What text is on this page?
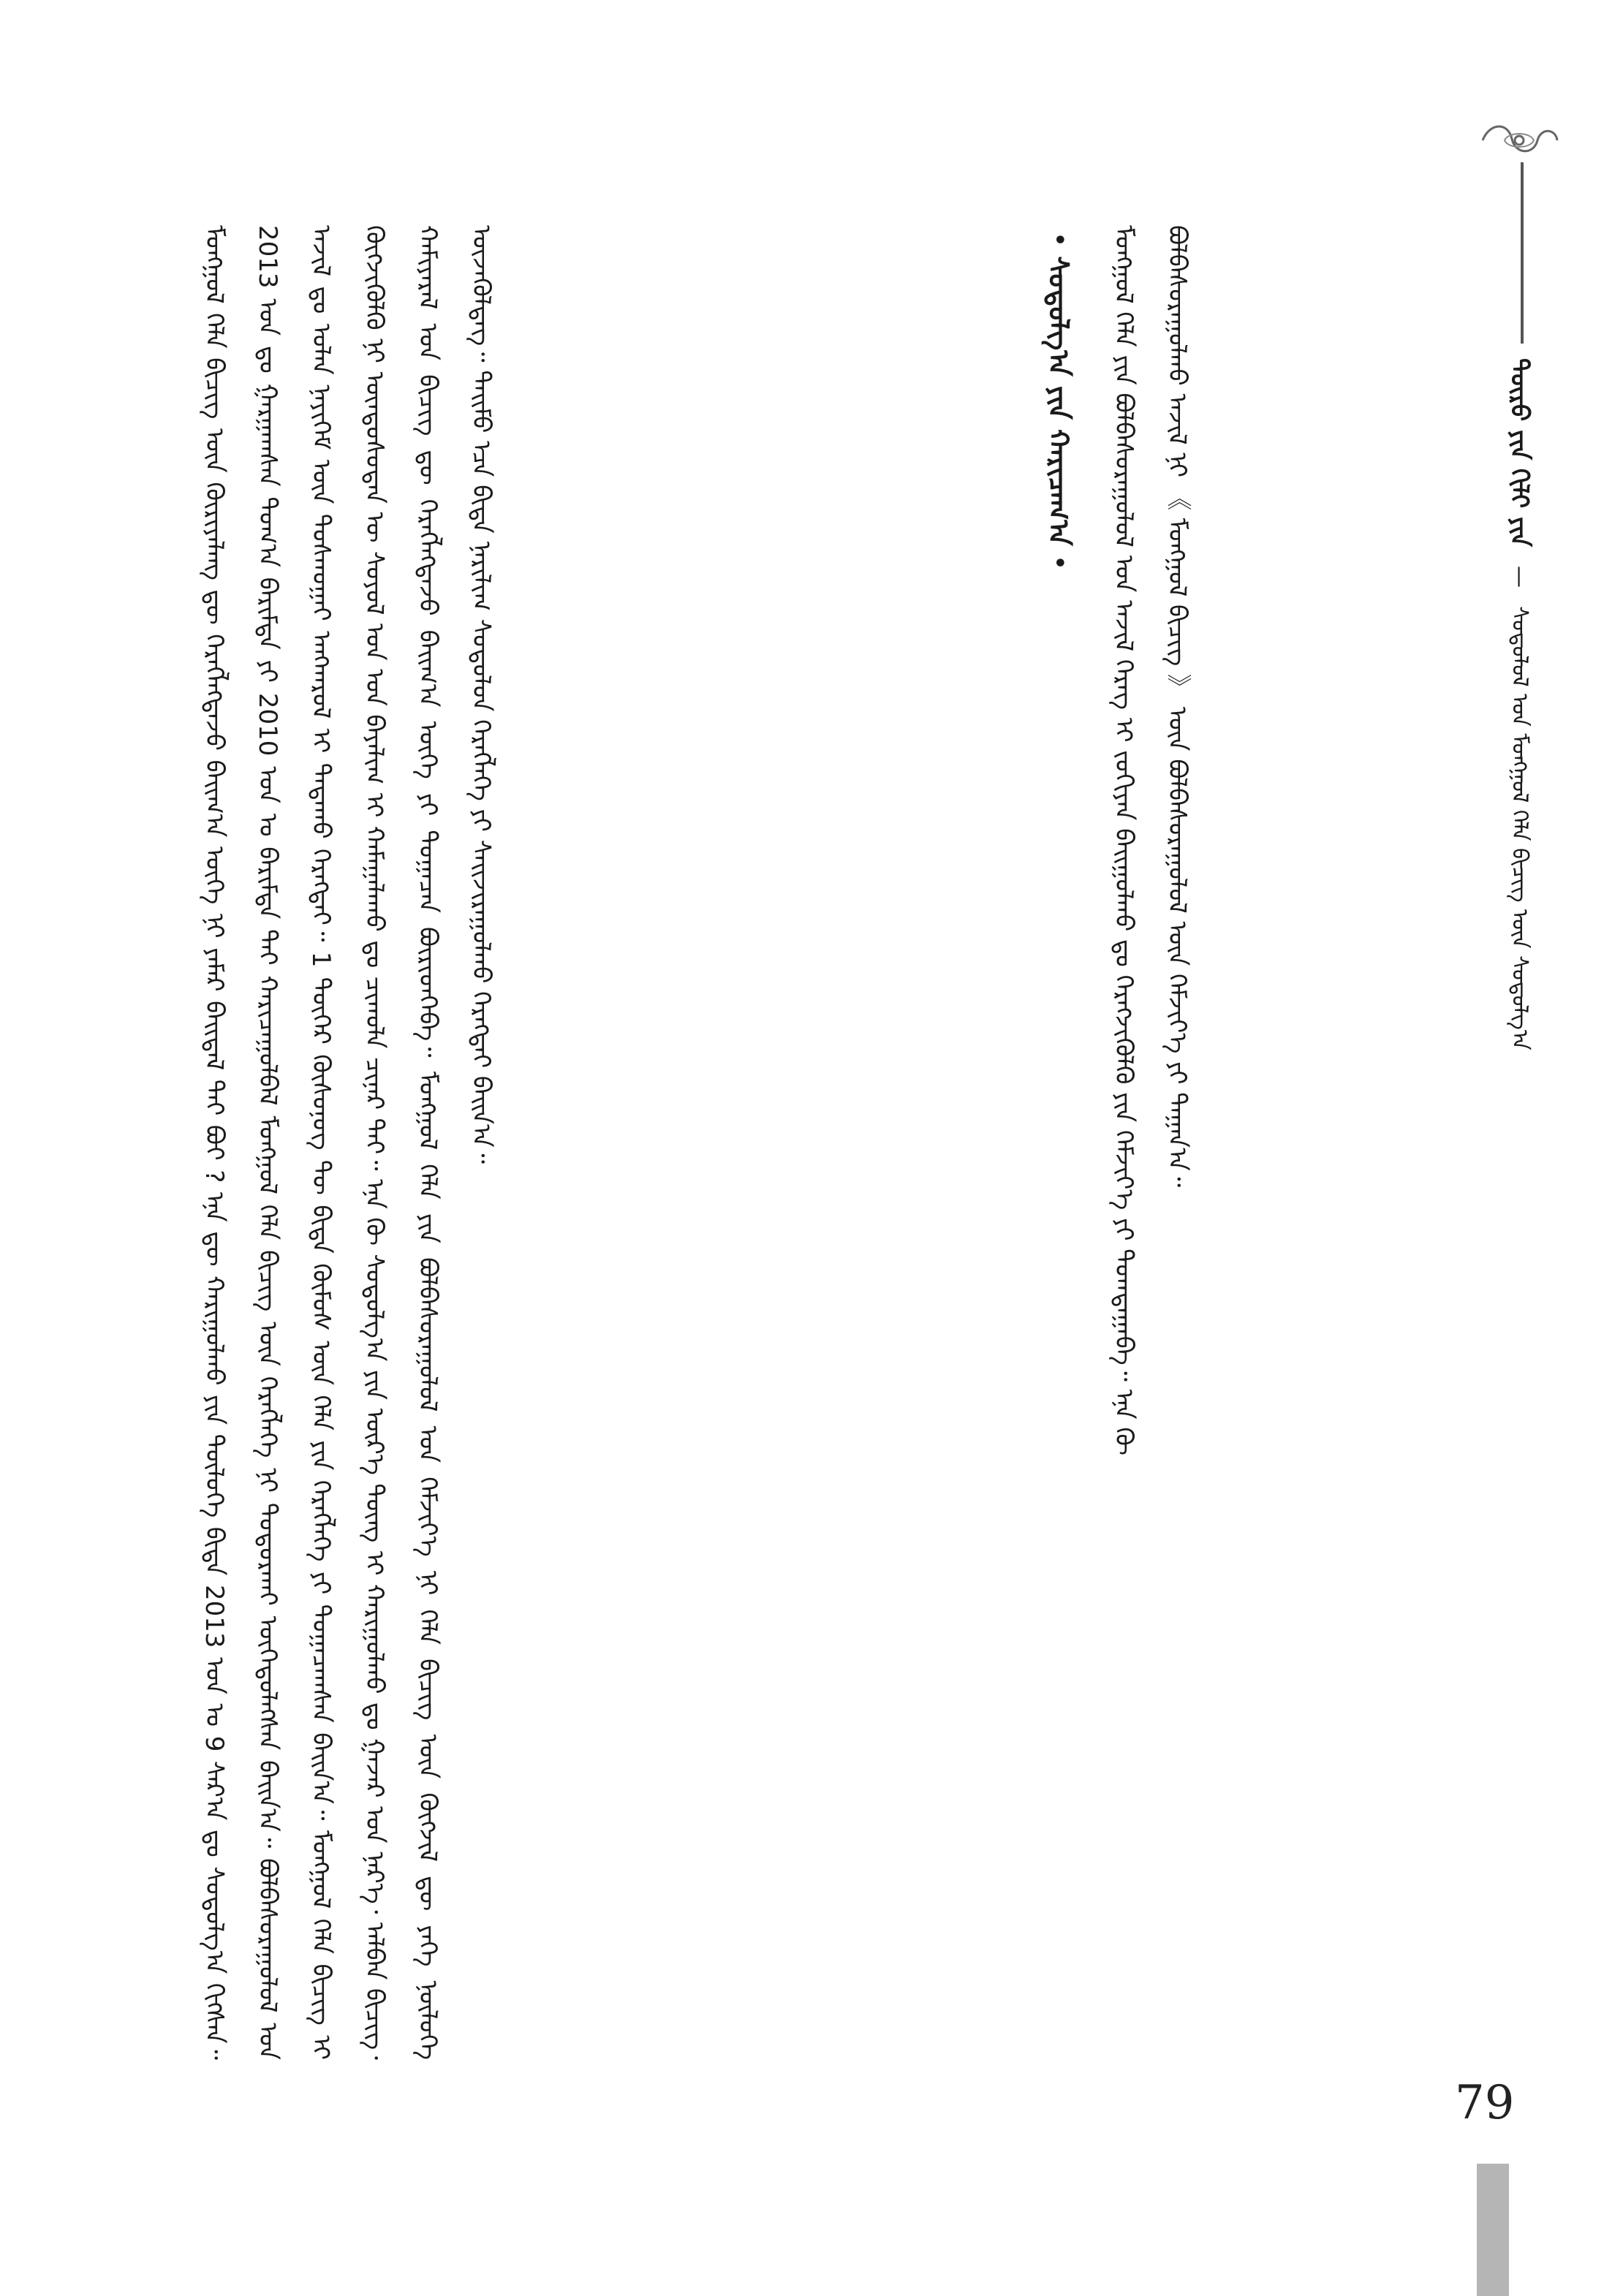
ᠲᠦᠷᠦ ᠶᠢᠨ ᠬᠢᠯᠢ ᠶᠢᠨ — ᠰᠤᠳᠤᠯᠤᠯ ᠤᠨ ᠮᠣᠩᠭᠣᠯ ᠬᠡᠯᠡ ᠪᠢᠴᠢᠭ᠌ ᠦᠨ ᠰᠤᠳᠤᠯᠭ᠎ᠠ
ᠮᠣᠩᠭᠣᠯ ᠬᠡᠯᠡ ᠶᠢᠨ ᠪᠣᠯᠪᠠᠰᠤᠷᠠᠭᠤᠯᠤᠯ ᠤᠨ ᠠᠵᠢᠯ ᠬᠡᠷᠡᠭ ᠢ ᠵᠣᠬᠢᠶᠠᠨ ᠪᠠᠢᠭᠤᠯᠬᠤ ᠳᠤ ᠬᠡᠷᠡᠭᠵᠢᠭᠦᠯᠬᠦ ᠶᠢᠨ ᠬᠡᠮᠵᠢᠶ᠎ᠡ ᠶᠢ ᠲᠣᠭᠲᠠᠭᠠᠪᠠ᠃ ᠡᠨᠡ ᠬᠦ ᠪᠣᠯᠪᠠᠰᠤᠷᠠᠭᠤᠯᠬᠤ ᠠᠵᠢᠯ ᠨᠢ 《 ᠮᠣᠩᠭᠣᠯ ᠪᠢᠴᠢᠭ᠌ 》 ᠦᠨ ᠪᠣᠯᠪᠠᠰᠤᠷᠠᠭᠤᠯᠤᠯ ᠦᠨ ᠬᠡᠮᠵᠢᠶ᠎ᠡ ᠶᠢ ᠳᠠᠭᠠᠨ᠎ᠠ᠃
• ᠰᠤᠳᠤᠯᠭ᠎ᠠ ᠶᠢᠨ ᠬᠠᠷᠢᠴᠠᠭ᠎ᠠ •

ᠮᠣᠩᠭᠣᠯ ᠬᠡᠯᠡ ᠪᠢᠴᠢᠭ᠌ ᠦᠨ ᠬᠦᠷᠢᠶᠡᠯᠡᠩ ᠳᠦ ᠬᠡᠷᠡᠭᠯᠡᠭᠳᠡᠵᠦ ᠪᠠᠢᠭ᠎ᠠ ᠦᠭᠡ ᠨᠢ ᠶᠠᠮᠠᠷ ᠪᠠᠢᠳᠠᠯ ᠲᠠᠢ ᠪᠣᠢ ? ᠡᠨᠡ ᠳᠦ ᠬᠠᠷᠢᠭᠤᠯᠬᠤ ᠶᠢᠨ ᠲᠥᠯᠦᠭᠡ ᠪᠢᠳᠡ 2013 ᠣᠨ ᠤ 9 ᠰᠠᠷ᠎ᠠ ᠳᠤ ᠰᠤᠳᠤᠯᠭ᠎ᠠ ᠬᠢᠭᠰᠡᠨ᠃ 2013 ᠣᠨ ᠳᠤ ᠭᠠᠷᠭᠠᠭᠰᠠᠨ ᠲᠣᠭ᠎ᠠ ᠪᠠᠷᠢᠮᠲᠠ ᠶᠢ 2010 ᠣᠨ ᠤ ᠪᠠᠷᠢᠮᠲᠠ ᠲᠠᠢ ᠬᠠᠷᠢᠴᠠᠭᠤᠯᠪᠠᠯ ᠮᠣᠩᠭᠣᠯ ᠬᠡᠯᠡ ᠪᠢᠴᠢᠭ᠌ ᠦᠨ ᠬᠡᠷᠡᠭᠯᠡᠭᠡ ᠨᠢ ᠲᠣᠳᠣᠷᠬᠠᠢ ᠥᠭᠡᠳᠦᠯᠡᠭᠰᠡᠨ ᠪᠠᠢᠨ᠎ᠠ᠃ ᠪᠣᠯᠪᠠᠰᠤᠷᠠᠭᠤᠯᠤᠯ ᠤᠨ ᠠᠵᠢᠯ ᠳᠤ ᠣᠯᠠᠨ ᠨᠡᠶᠢᠭᠡᠮ ᠦᠨ ᠲᠣᠰᠬᠤᠭᠠᠢ ᠠᠩᠬᠠᠷᠤᠯ ᠢ ᠲᠠᠲᠠᠬᠤ ᠬᠡᠷᠡᠭᠲᠡᠢ᠃ 1 ᠳᠦᠭᠡᠷ ᠬᠥᠰᠦᠨᠦᠭ ᠲᠦ ᠪᠢᠳᠡ ᠬᠦᠮᠦᠰ ᠦᠨ ᠬᠡᠯᠡ ᠶᠢᠨ ᠬᠡᠷᠡᠭᠯᠡᠭᠡ ᠶᠢ ᠲᠣᠭᠠᠴᠠᠭᠰᠠᠨ ᠪᠠᠢᠨ᠎ᠠ᠃ ᠮᠣᠩᠭᠣᠯ ᠬᠡᠯᠡ ᠪᠢᠴᠢᠭ᠌ ᠢ ᠬᠥᠭᠵᠢᠭᠦᠯᠬᠦ ᠨᠢ ᠦᠨᠳᠦᠰᠦᠲᠡᠨ ᠦ ᠰᠣᠶᠣᠯ ᠤᠨ ᠡᠳ ᠪᠠᠶᠠᠯᠢᠭ ᠢ ᠬᠠᠮᠠᠭᠠᠯᠠᠬᠤ ᠳᠤ ᠴᠢᠬᠤᠯᠠ ᠴᠢᠨᠠᠷ ᠲᠠᠢ᠃ ᠡᠨᠡ ᠬᠦ ᠰᠤᠳᠤᠯᠭ᠎ᠠ ᠶᠢᠨ ᠦᠷ᠎ᠡ ᠳᠦᠩ ᠢ ᠬᠠᠷᠢᠭᠤᠯᠬᠤ ᠳᠤ ᠭᠠᠵᠠᠷ ᠤᠨ ᠨᠡᠷ᠎ᠡ᠂ ᠠᠯᠪᠠᠨ ᠪᠢᠴᠢᠭ᠌᠂ ᠬᠠᠮᠢᠶᠠᠷᠠᠯ ᠤᠨ ᠪᠢᠴᠢᠭ᠌ ᠳᠦ ᠬᠡᠷᠡᠭᠯᠡᠭᠳᠡᠵᠦ ᠪᠠᠢᠭ᠎ᠠ ᠦᠭᠡ ᠶᠢ ᠲᠣᠭᠠᠴᠠᠨ ᠪᠦᠷᠢᠳᠬᠡᠪᠡ᠃ ᠮᠣᠩᠭᠣᠯ ᠬᠡᠯᠡ ᠶᠢᠨ ᠪᠣᠯᠪᠠᠰᠤᠷᠠᠭᠤᠯᠤᠯ ᠤᠨ ᠬᠡᠮᠵᠢᠶ᠎ᠡ ᠨᠢ ᠬᠡᠯᠡ ᠪᠢᠴᠢᠭ᠌ ᠦᠨ ᠬᠥᠭᠵᠢᠯ ᠳᠦ ᠶᠡᠬᠡ ᠨᠥᠯᠦᠭᠡ ᠦᠵᠡᠭᠦᠯᠳᠡᠭ᠃ ᠲᠡᠢᠮᠦ ᠡᠴᠡ ᠪᠢᠳᠡ ᠨᠠᠷᠢᠯᠢᠭ ᠰᠤᠳᠤᠯᠤᠨ ᠬᠡᠷᠡᠭᠯᠡᠭᠡ ᠶᠢ ᠰᠠᠢᠵᠢᠷᠠᠭᠤᠯᠬᠤ ᠬᠡᠷᠡᠭᠲᠡᠢ ᠪᠠᠢᠨ᠎ᠠ᠃

79
